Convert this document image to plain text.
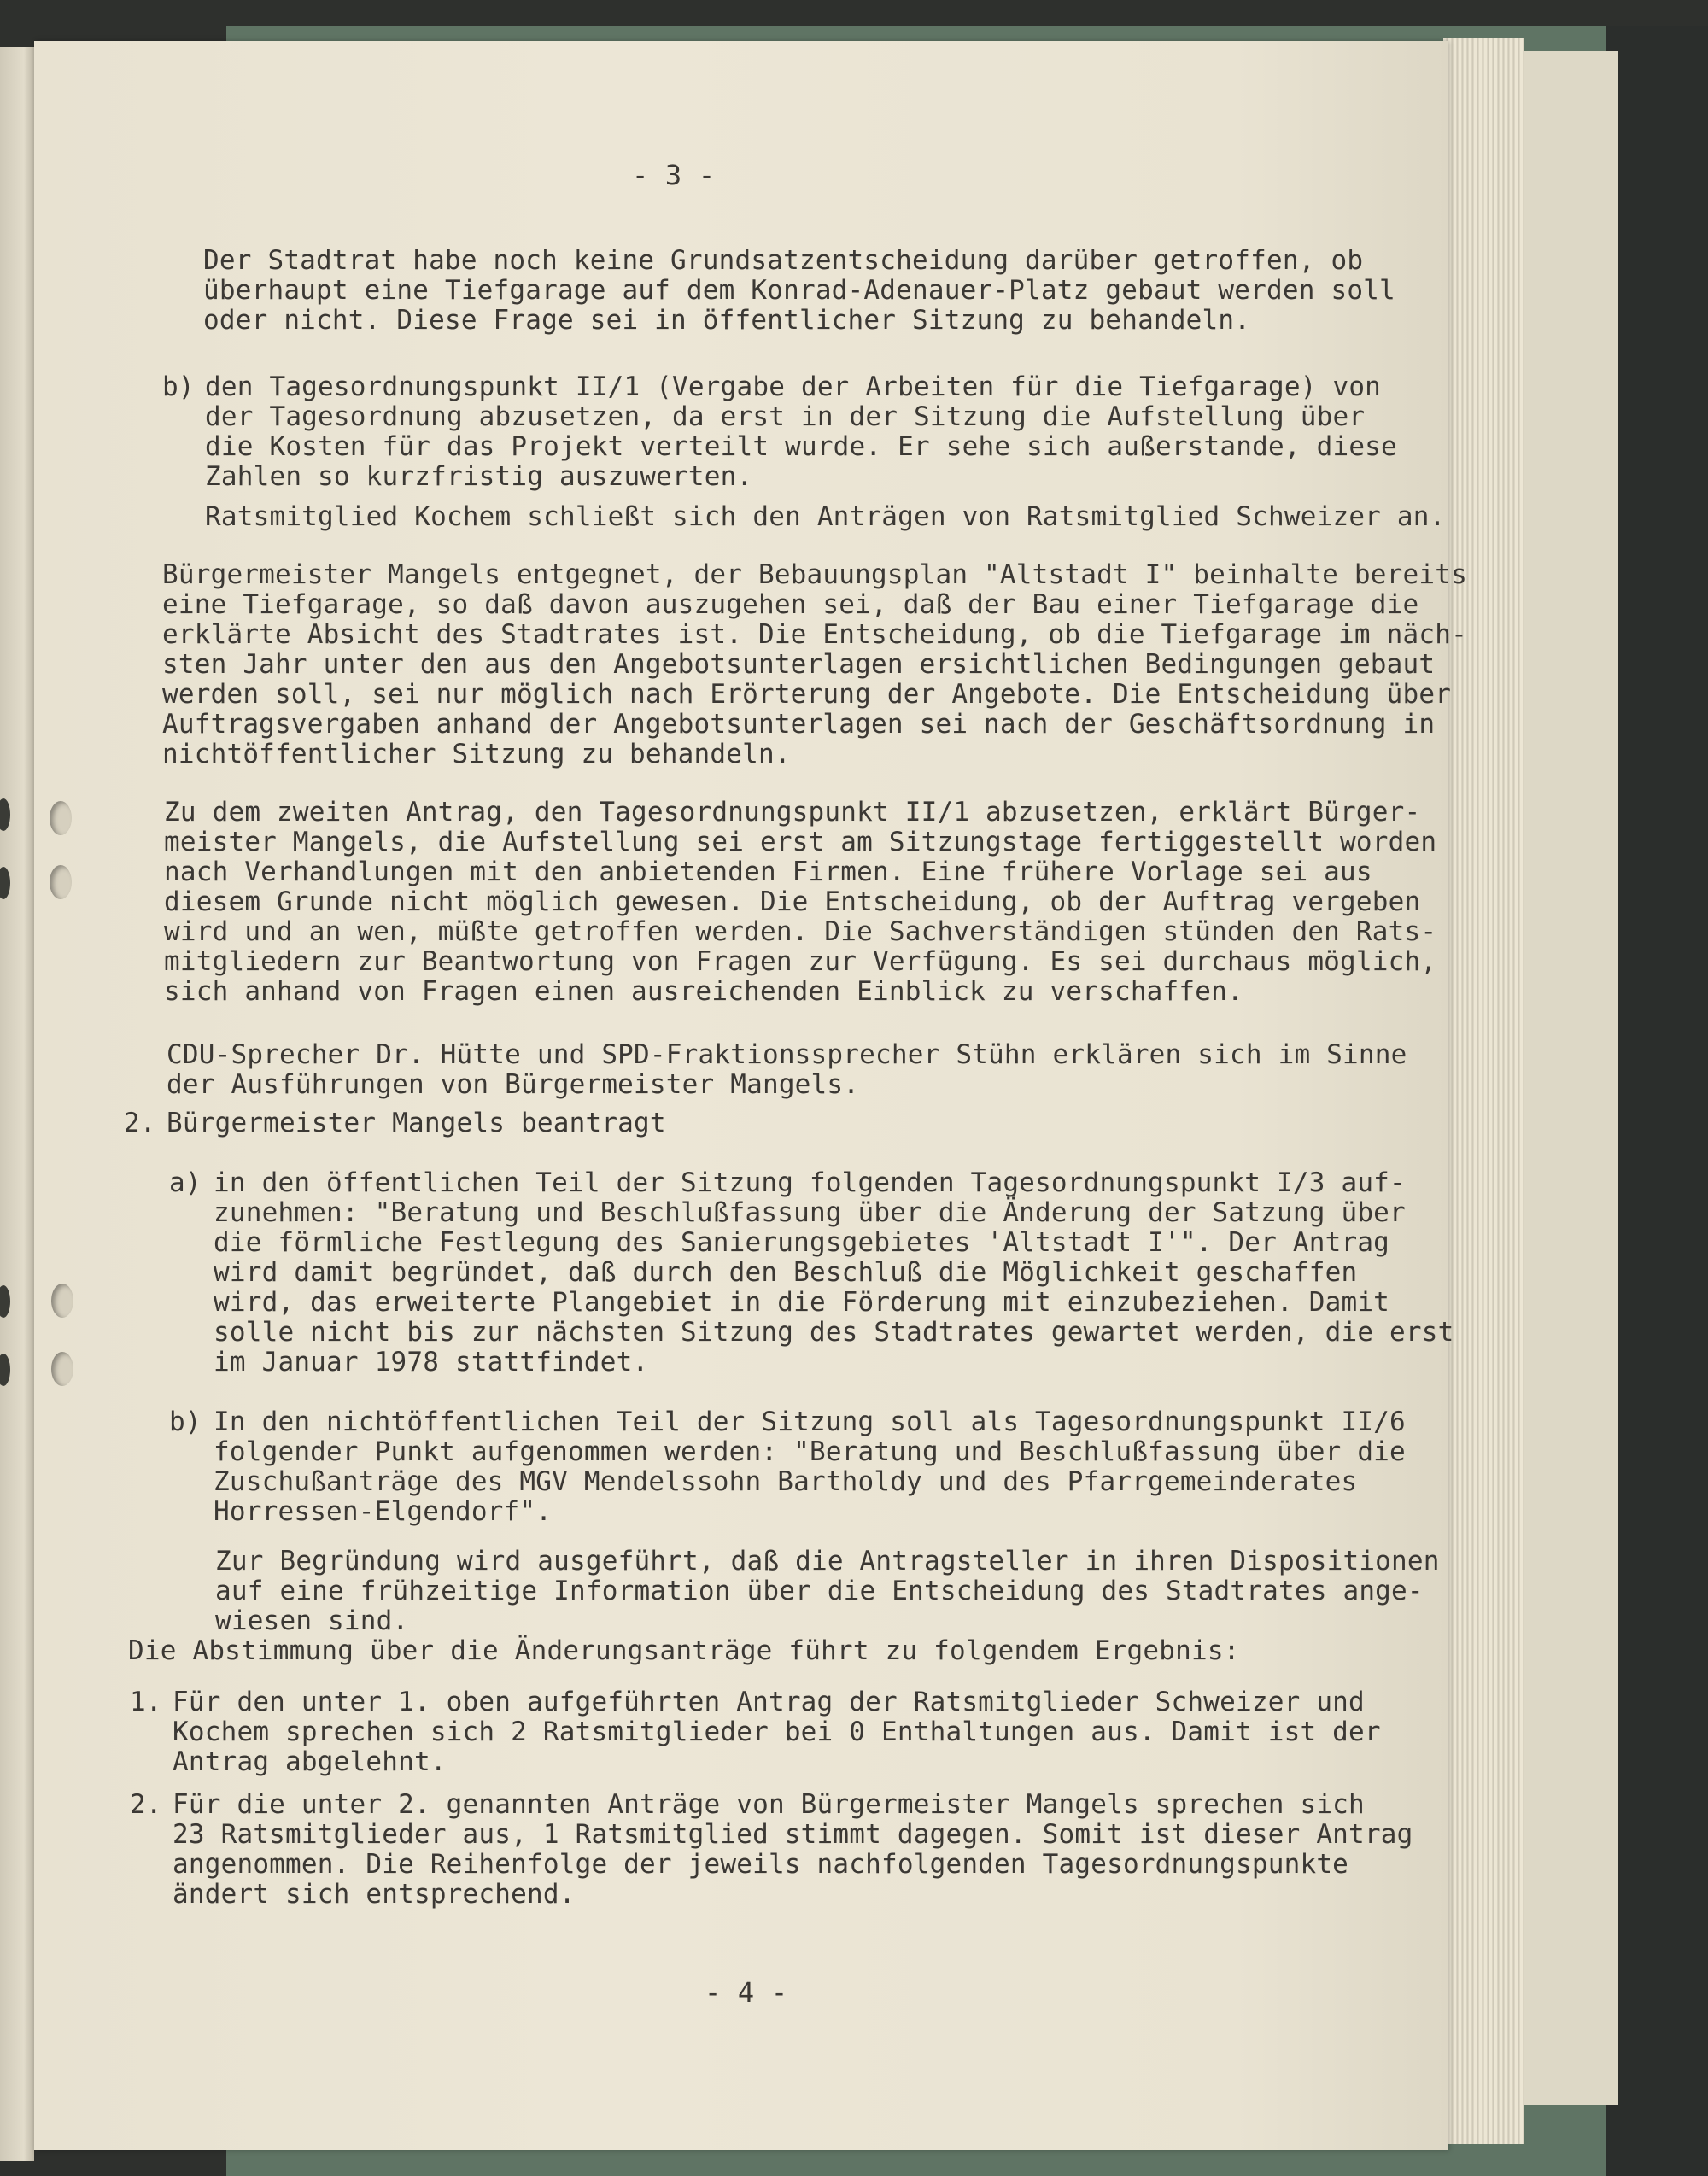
- 3 -

Der Stadtrat habe noch keine Grundsatzentscheidung darüber getroffen, ob
überhaupt eine Tiefgarage auf dem Konrad-Adenauer-Platz gebaut werden soll
oder nicht. Diese Frage sei in öffentlicher Sitzung zu behandeln.

b) den Tagesordnungspunkt II/1 (Vergabe der Arbeiten für die Tiefgarage) von
der Tagesordnung abzusetzen, da erst in der Sitzung die Aufstellung über
die Kosten für das Projekt verteilt wurde. Er sehe sich außerstande, diese
Zahlen so kurzfristig auszuwerten.

Ratsmitglied Kochem schließt sich den Anträgen von Ratsmitglied Schweizer an.

Bürgermeister Mangels entgegnet, der Bebauungsplan "Altstadt I" beinhalte bereits
eine Tiefgarage, so daß davon auszugehen sei, daß der Bau einer Tiefgarage die
erklärte Absicht des Stadtrates ist. Die Entscheidung, ob die Tiefgarage im näch-
sten Jahr unter den aus den Angebotsunterlagen ersichtlichen Bedingungen gebaut
werden soll, sei nur möglich nach Erörterung der Angebote. Die Entscheidung über
Auftragsvergaben anhand der Angebotsunterlagen sei nach der Geschäftsordnung in
nichtöffentlicher Sitzung zu behandeln.

Zu dem zweiten Antrag, den Tagesordnungspunkt II/1 abzusetzen, erklärt Bürger-
meister Mangels, die Aufstellung sei erst am Sitzungstage fertiggestellt worden
nach Verhandlungen mit den anbietenden Firmen. Eine frühere Vorlage sei aus
diesem Grunde nicht möglich gewesen. Die Entscheidung, ob der Auftrag vergeben
wird und an wen, müßte getroffen werden. Die Sachverständigen stünden den Rats-
mitgliedern zur Beantwortung von Fragen zur Verfügung. Es sei durchaus möglich,
sich anhand von Fragen einen ausreichenden Einblick zu verschaffen.

CDU-Sprecher Dr. Hütte und SPD-Fraktionssprecher Stühn erklären sich im Sinne
der Ausführungen von Bürgermeister Mangels.

2. Bürgermeister Mangels beantragt

a) in den öffentlichen Teil der Sitzung folgenden Tagesordnungspunkt I/3 auf-
zunehmen: "Beratung und Beschlußfassung über die Änderung der Satzung über
die förmliche Festlegung des Sanierungsgebietes 'Altstadt I'". Der Antrag
wird damit begründet, daß durch den Beschluß die Möglichkeit geschaffen
wird, das erweiterte Plangebiet in die Förderung mit einzubeziehen. Damit
solle nicht bis zur nächsten Sitzung des Stadtrates gewartet werden, die erst
im Januar 1978 stattfindet.

b) In den nichtöffentlichen Teil der Sitzung soll als Tagesordnungspunkt II/6
folgender Punkt aufgenommen werden: "Beratung und Beschlußfassung über die
Zuschußanträge des MGV Mendelssohn Bartholdy und des Pfarrgemeinderates
Horressen-Elgendorf".

Zur Begründung wird ausgeführt, daß die Antragsteller in ihren Dispositionen
auf eine frühzeitige Information über die Entscheidung des Stadtrates ange-
wiesen sind.

Die Abstimmung über die Änderungsanträge führt zu folgendem Ergebnis:

1. Für den unter 1. oben aufgeführten Antrag der Ratsmitglieder Schweizer und
Kochem sprechen sich 2 Ratsmitglieder bei 0 Enthaltungen aus. Damit ist der
Antrag abgelehnt.

2. Für die unter 2. genannten Anträge von Bürgermeister Mangels sprechen sich
23 Ratsmitglieder aus, 1 Ratsmitglied stimmt dagegen. Somit ist dieser Antrag
angenommen. Die Reihenfolge der jeweils nachfolgenden Tagesordnungspunkte
ändert sich entsprechend.

- 4 -
